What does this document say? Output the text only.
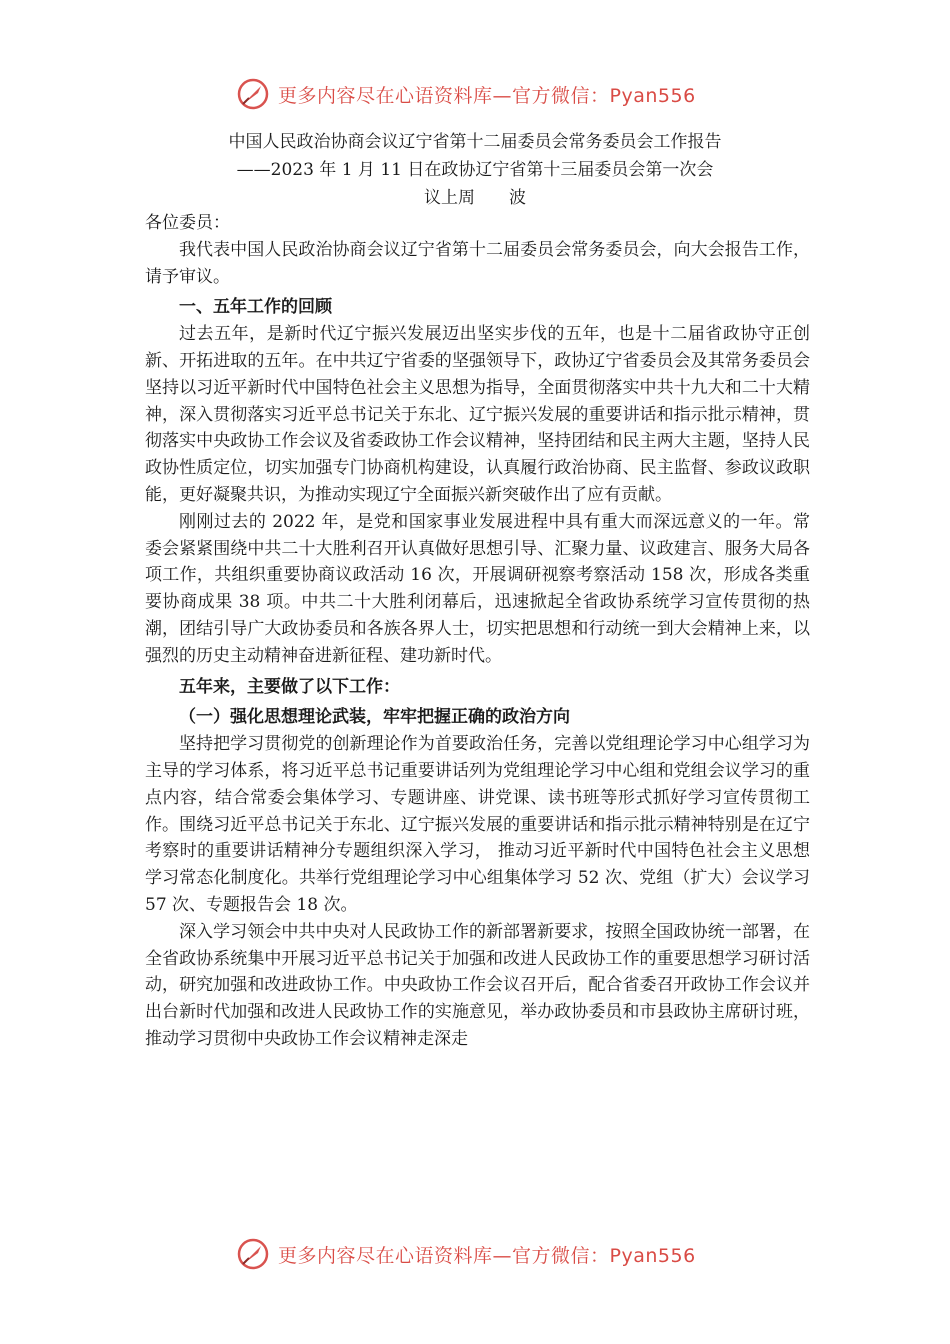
更多内容尽在心语资料库—官方微信：Pyan556
中国人民政治协商会议辽宁省第十二届委员会常务委员会工作报告
——2023 年 1 月 11 日在政协辽宁省第十三届委员会第一次会
议上周　　波

各位委员：

我代表中国人民政治协商会议辽宁省第十二届委员会常务委员会，向大会报告工作，请予审议。

一、五年工作的回顾

过去五年，是新时代辽宁振兴发展迈出坚实步伐的五年，也是十二届省政协守正创新、开拓进取的五年。在中共辽宁省委的坚强领导下，政协辽宁省委员会及其常务委员会坚持以习近平新时代中国特色社会主义思想为指导，全面贯彻落实中共十九大和二十大精神，深入贯彻落实习近平总书记关于东北、辽宁振兴发展的重要讲话和指示批示精神，贯彻落实中央政协工作会议及省委政协工作会议精神，坚持团结和民主两大主题，坚持人民政协性质定位，切实加强专门协商机构建设，认真履行政治协商、民主监督、参政议政职能，更好凝聚共识，为推动实现辽宁全面振兴新突破作出了应有贡献。

刚刚过去的 2022 年，是党和国家事业发展进程中具有重大而深远意义的一年。常委会紧紧围绕中共二十大胜利召开认真做好思想引导、汇聚力量、议政建言、服务大局各项工作，共组织重要协商议政活动 16 次，开展调研视察考察活动 158 次，形成各类重要协商成果 38 项。中共二十大胜利闭幕后，迅速掀起全省政协系统学习宣传贯彻的热潮，团结引导广大政协委员和各族各界人士，切实把思想和行动统一到大会精神上来，以强烈的历史主动精神奋进新征程、建功新时代。

五年来，主要做了以下工作：

（一）强化思想理论武装，牢牢把握正确的政治方向

坚持把学习贯彻党的创新理论作为首要政治任务，完善以党组理论学习中心组学习为主导的学习体系，将习近平总书记重要讲话列为党组理论学习中心组和党组会议学习的重点内容，结合常委会集体学习、专题讲座、讲党课、读书班等形式抓好学习宣传贯彻工作。围绕习近平总书记关于东北、辽宁振兴发展的重要讲话和指示批示精神特别是在辽宁考察时的重要讲话精神分专题组织深入学习， 推动习近平新时代中国特色社会主义思想学习常态化制度化。共举行党组理论学习中心组集体学习 52 次、党组（扩大）会议学习 57 次、专题报告会 18 次。

深入学习领会中共中央对人民政协工作的新部署新要求，按照全国政协统一部署，在全省政协系统集中开展习近平总书记关于加强和改进人民政协工作的重要思想学习研讨活动，研究加强和改进政协工作。中央政协工作会议召开后，配合省委召开政协工作会议并出台新时代加强和改进人民政协工作的实施意见，举办政协委员和市县政协主席研讨班，推动学习贯彻中央政协工作会议精神走深走

更多内容尽在心语资料库—官方微信：Pyan556
